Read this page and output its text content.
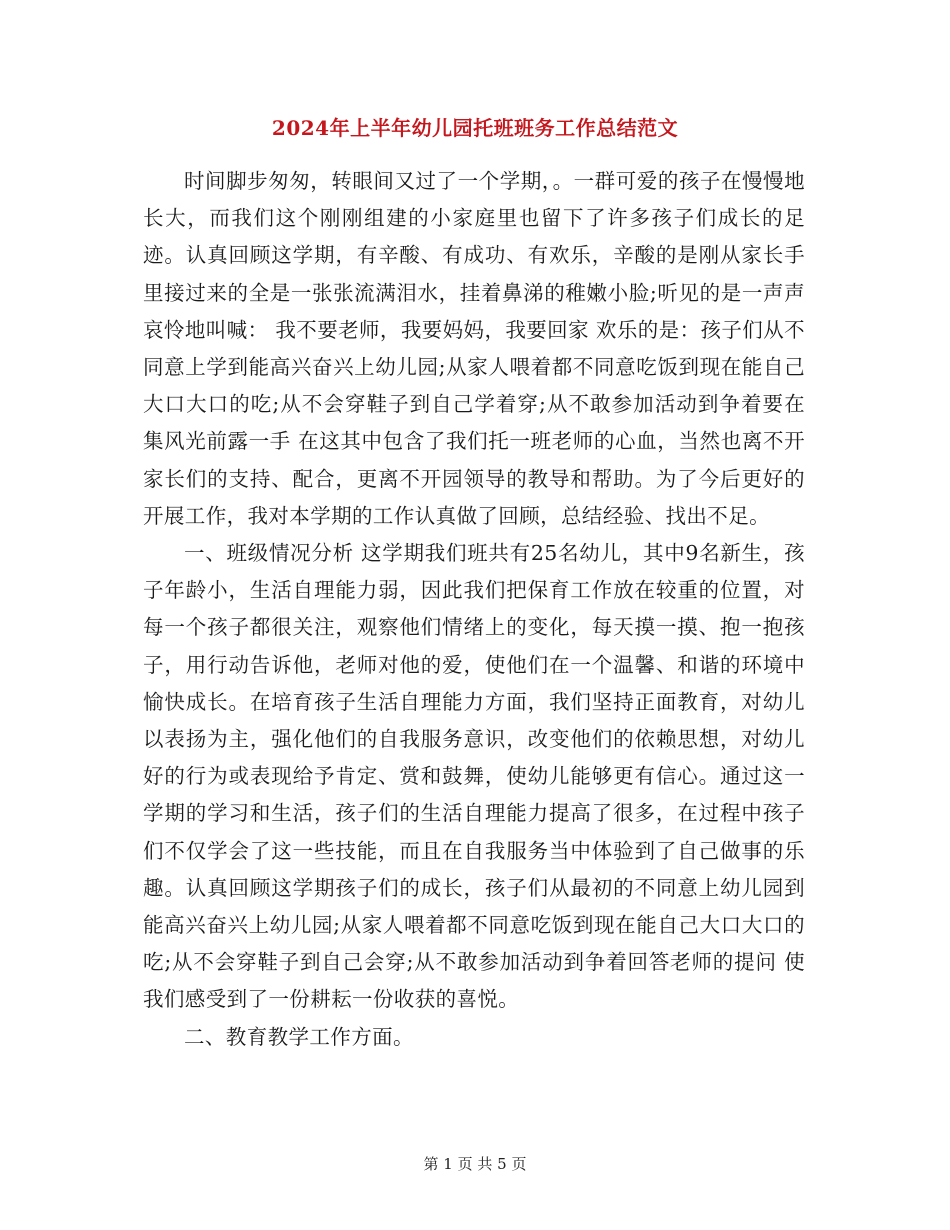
2024年上半年幼儿园托班班务工作总结范文

时间脚步匆匆，转眼间又过了一个学期，。一群可爱的孩子在慢慢地长大，而我们这个刚刚组建的小家庭里也留下了许多孩子们成长的足迹。认真回顾这学期，有辛酸、有成功、有欢乐，辛酸的是刚从家长手里接过来的全是一张张流满泪水，挂着鼻涕的稚嫩小脸;听见的是一声声哀怜地叫喊： 我不要老师，我要妈妈，我要回家 欢乐的是：孩子们从不同意上学到能高兴奋兴上幼儿园;从家人喂着都不同意吃饭到现在能自己大口大口的吃;从不会穿鞋子到自己学着穿;从不敢参加活动到争着要在集风光前露一手 在这其中包含了我们托一班老师的心血，当然也离不开家长们的支持、配合，更离不开园领导的教导和帮助。为了今后更好的开展工作，我对本学期的工作认真做了回顾，总结经验、找出不足。

一、班级情况分析 这学期我们班共有25名幼儿，其中9名新生，孩子年龄小，生活自理能力弱，因此我们把保育工作放在较重的位置，对每一个孩子都很关注，观察他们情绪上的变化，每天摸一摸、抱一抱孩子，用行动告诉他，老师对他的爱，使他们在一个温馨、和谐的环境中愉快成长。在培育孩子生活自理能力方面，我们坚持正面教育，对幼儿以表扬为主，强化他们的自我服务意识，改变他们的依赖思想，对幼儿好的行为或表现给予肯定、赏和鼓舞，使幼儿能够更有信心。通过这一学期的学习和生活，孩子们的生活自理能力提高了很多，在过程中孩子们不仅学会了这一些技能，而且在自我服务当中体验到了自己做事的乐趣。认真回顾这学期孩子们的成长，孩子们从最初的不同意上幼儿园到能高兴奋兴上幼儿园;从家人喂着都不同意吃饭到现在能自己大口大口的吃;从不会穿鞋子到自己会穿;从不敢参加活动到争着回答老师的提问 使我们感受到了一份耕耘一份收获的喜悦。

二、教育教学工作方面。

第 1 页 共 5 页
